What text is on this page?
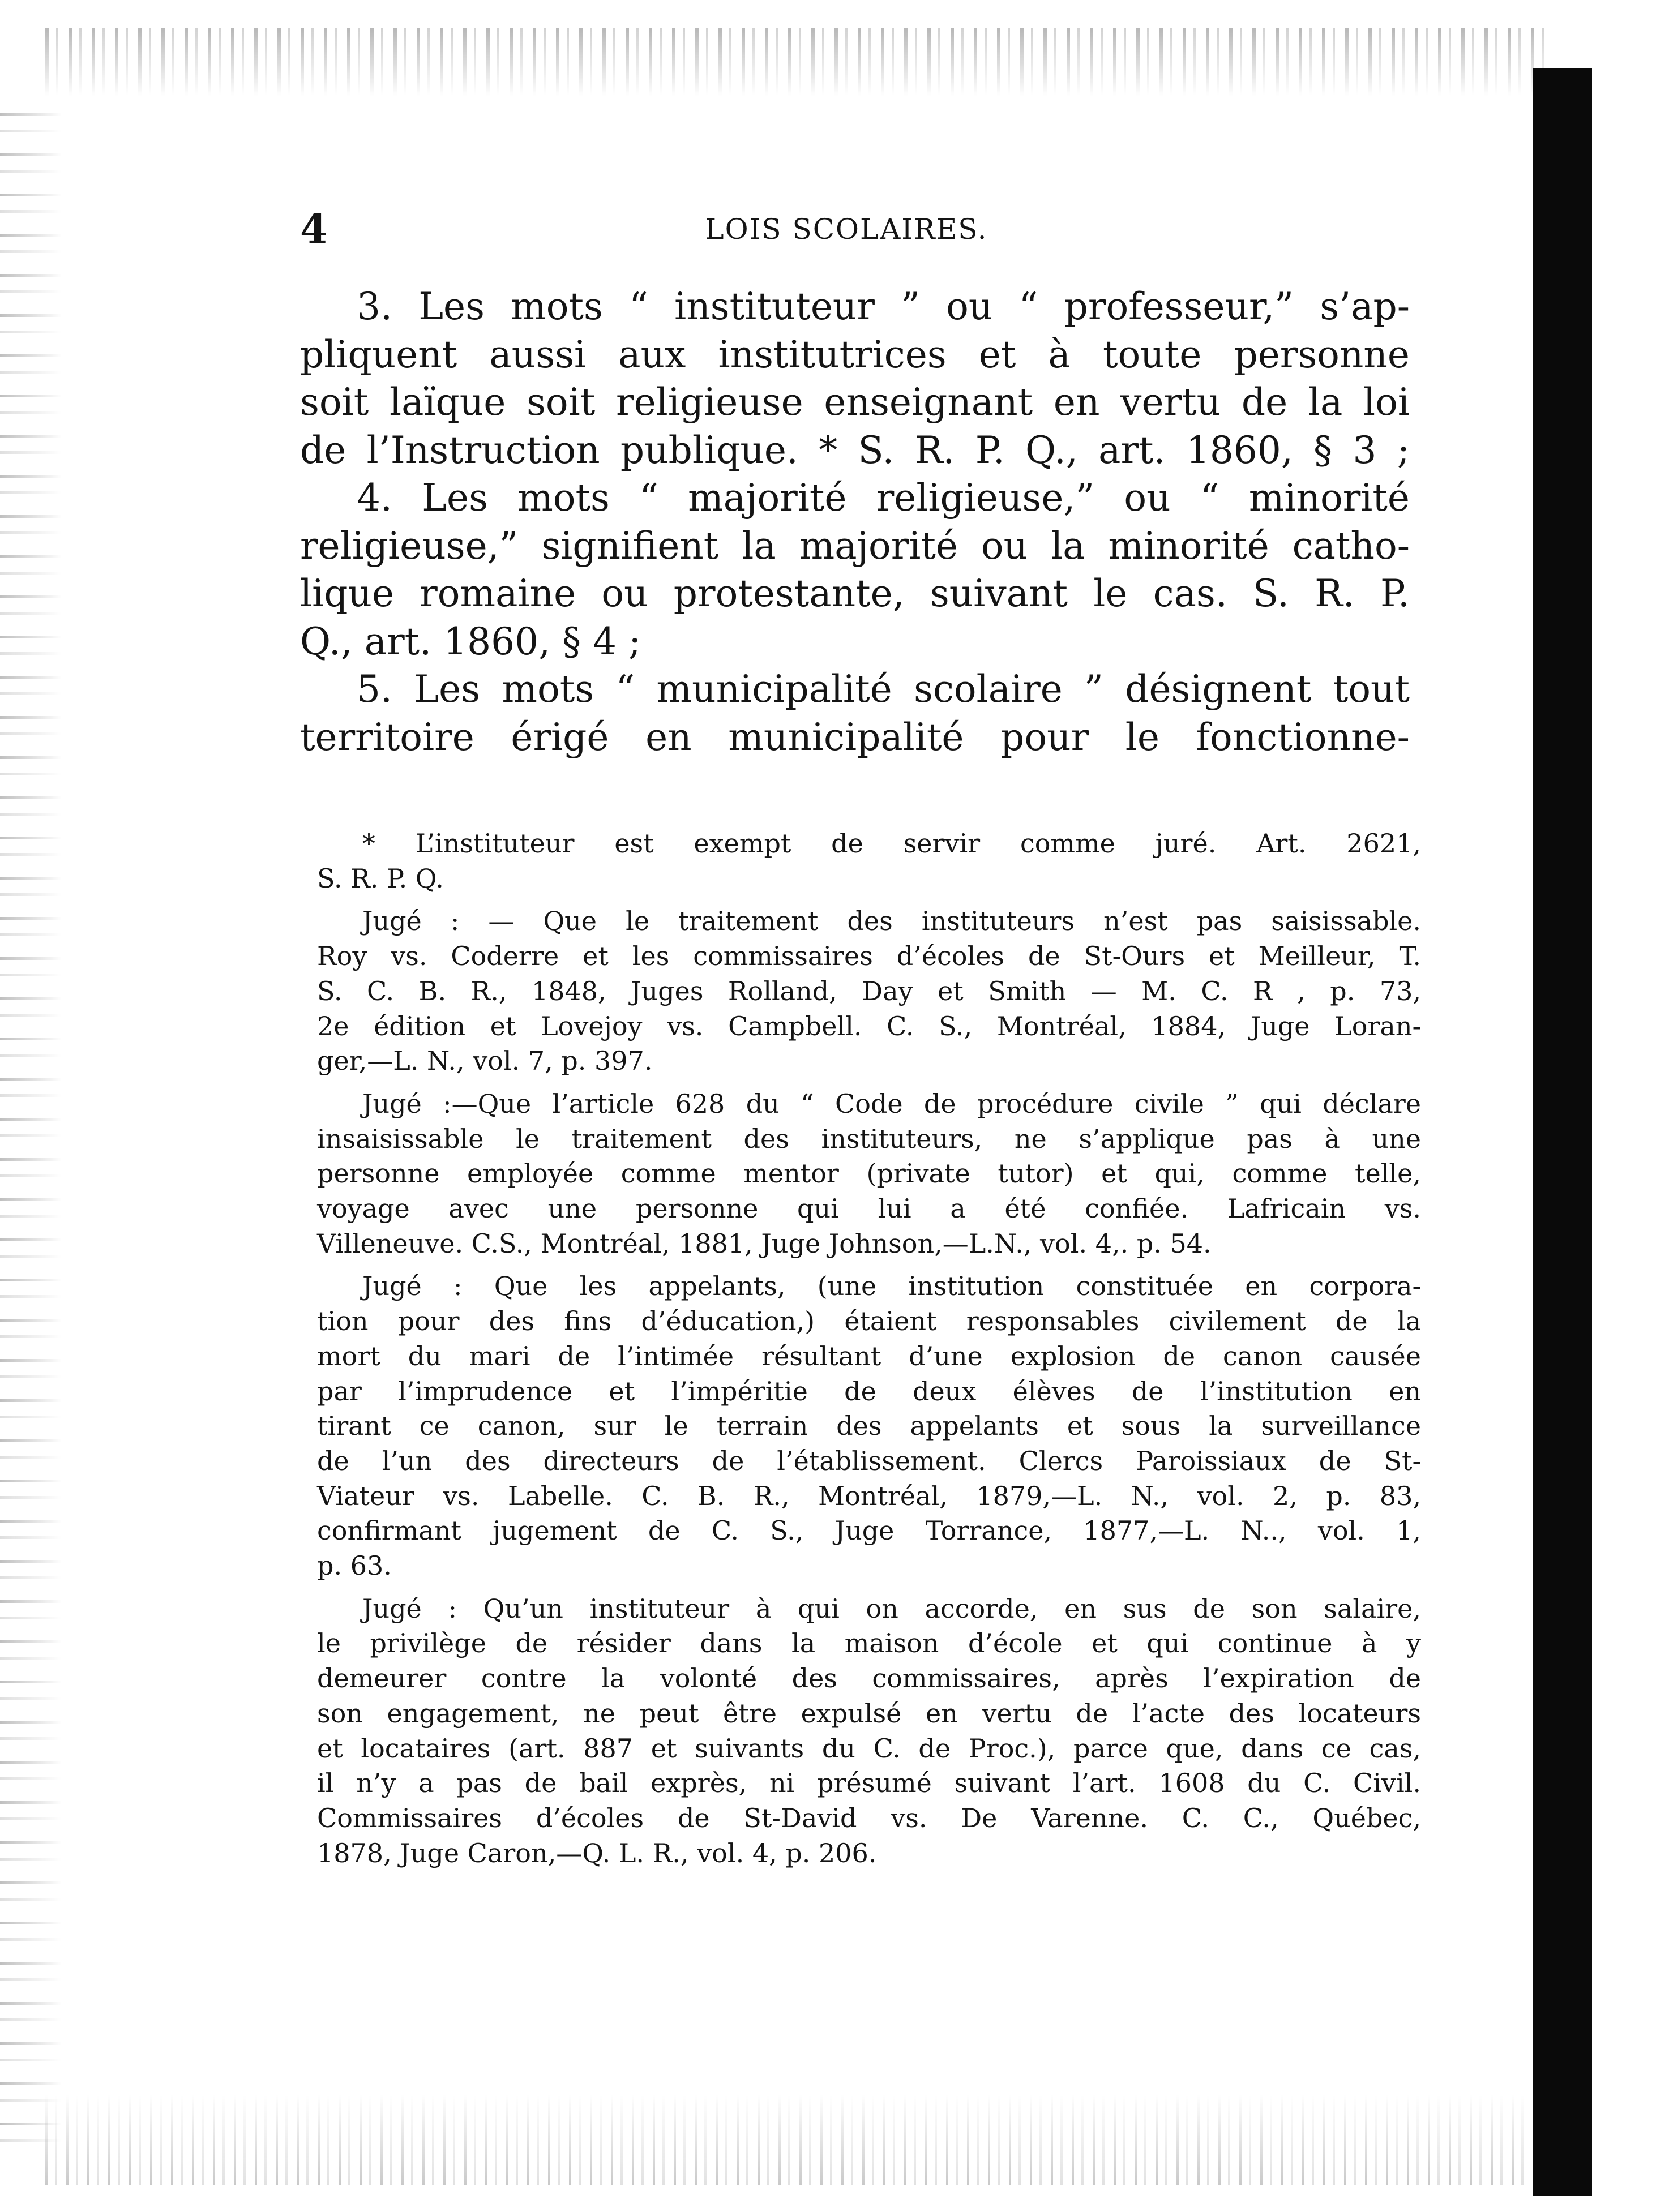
4	LOIS SCOLAIRES.
3. Les mots “ instituteur ” ou “ professeur,” s’ap-
pliquent aussi aux institutrices et à toute personne
soit laïque soit religieuse enseignant en vertu de la loi
de l’Instruction publique. * S. R. P. Q., art. 1860, § 3 ;
4. Les mots “ majorité religieuse,” ou “ minorité
religieuse,” signifient la majorité ou la minorité catho-
lique romaine ou protestante, suivant le cas. S. R. P.
Q., art. 1860, § 4 ;
5. Les mots “ municipalité scolaire ” désignent tout
territoire érigé en municipalité pour le fonctionne-
* L’instituteur est exempt de servir comme juré. Art. 2621,
S. R. P. Q.
Jugé : — Que le traitement des instituteurs n’est pas saisissable.
Roy vs. Coderre et les commissaires d’écoles de St-Ours et Meilleur, T.
S. C. B. R., 1848, Juges Rolland, Day et Smith — M. C. R , p. 73,
2e édition et Lovejoy vs. Campbell. C. S., Montréal, 1884, Juge Loran-
ger,—L. N., vol. 7, p. 397.
Jugé :—Que l’article 628 du “ Code de procédure civile ” qui déclare
insaisissable le traitement des instituteurs, ne s’applique pas à une
personne employée comme mentor (private tutor) et qui, comme telle,
voyage avec une personne qui lui a été confiée. Lafricain vs.
Villeneuve. C.S., Montréal, 1881, Juge Johnson,—L.N., vol. 4,. p. 54.
Jugé : Que les appelants, (une institution constituée en corpora-
tion pour des fins d’éducation,) étaient responsables civilement de la
mort du mari de l’intimée résultant d’une explosion de canon causée
par l’imprudence et l’impéritie de deux élèves de l’institution en
tirant ce canon, sur le terrain des appelants et sous la surveillance
de l’un des directeurs de l’établissement. Clercs Paroissiaux de St-
Viateur vs. Labelle. C. B. R., Montréal, 1879,—L. N., vol. 2, p. 83,
confirmant jugement de C. S., Juge Torrance, 1877,—L. N.., vol. 1,
p. 63.
Jugé : Qu’un instituteur à qui on accorde, en sus de son salaire,
le privilège de résider dans la maison d’école et qui continue à y
demeurer contre la volonté des commissaires, après l’expiration de
son engagement, ne peut être expulsé en vertu de l’acte des locateurs
et locataires (art. 887 et suivants du C. de Proc.), parce que, dans ce cas,
il n’y a pas de bail exprès, ni présumé suivant l’art. 1608 du C. Civil.
Commissaires d’écoles de St-David vs. De Varenne. C. C., Québec,
1878, Juge Caron,—Q. L. R., vol. 4, p. 206.
